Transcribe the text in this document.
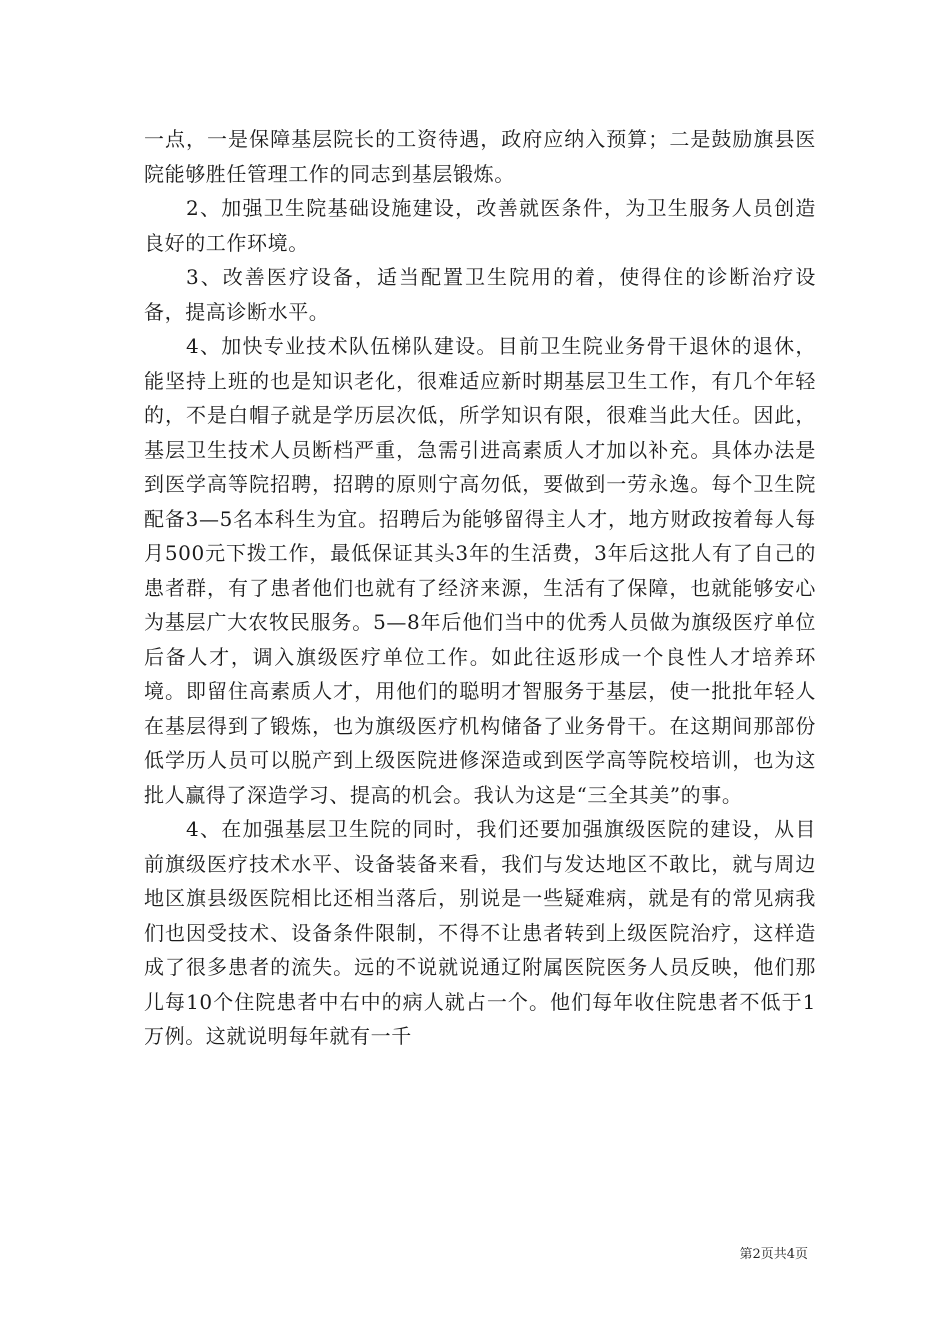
一点，一是保障基层院长的工资待遇，政府应纳入预算；二是鼓励旗县医院能够胜任管理工作的同志到基层锻炼。

2、加强卫生院基础设施建设，改善就医条件，为卫生服务人员创造良好的工作环境。

3、改善医疗设备，适当配置卫生院用的着，使得住的诊断治疗设备，提高诊断水平。

4、加快专业技术队伍梯队建设。目前卫生院业务骨干退休的退休，能坚持上班的也是知识老化，很难适应新时期基层卫生工作，有几个年轻的，不是白帽子就是学历层次低，所学知识有限，很难当此大任。因此，基层卫生技术人员断档严重，急需引进高素质人才加以补充。具体办法是到医学高等院招聘，招聘的原则宁高勿低，要做到一劳永逸。每个卫生院配备3—5名本科生为宜。招聘后为能够留得主人才，地方财政按着每人每月500元下拨工作，最低保证其头3年的生活费，3年后这批人有了自己的患者群，有了患者他们也就有了经济来源，生活有了保障，也就能够安心为基层广大农牧民服务。5—8年后他们当中的优秀人员做为旗级医疗单位后备人才，调入旗级医疗单位工作。如此往返形成一个良性人才培养环境。即留住高素质人才，用他们的聪明才智服务于基层，使一批批年轻人在基层得到了锻炼，也为旗级医疗机构储备了业务骨干。在这期间那部份低学历人员可以脱产到上级医院进修深造或到医学高等院校培训，也为这批人赢得了深造学习、提高的机会。我认为这是“三全其美”的事。

4、在加强基层卫生院的同时，我们还要加强旗级医院的建设，从目前旗级医疗技术水平、设备装备来看，我们与发达地区不敢比，就与周边地区旗县级医院相比还相当落后，别说是一些疑难病，就是有的常见病我们也因受技术、设备条件限制，不得不让患者转到上级医院治疗，这样造成了很多患者的流失。远的不说就说通辽附属医院医务人员反映，他们那儿每10个住院患者中右中的病人就占一个。他们每年收住院患者不低于1万例。这就说明每年就有一千

第2页共4页
